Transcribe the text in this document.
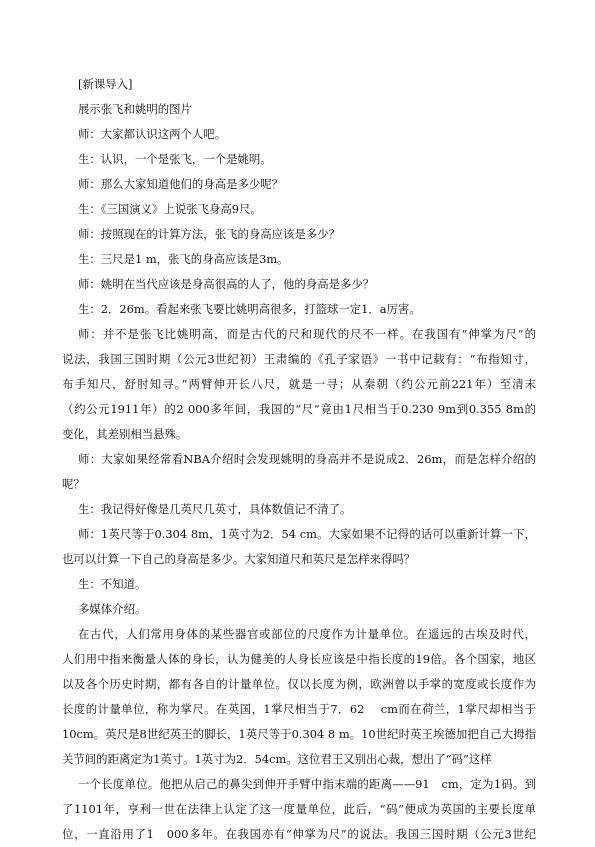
[新课导入]
展示张飞和姚明的图片
师：大家都认识这两个人吧。
生：认识，一个是张飞，一个是姚明。
师：那么大家知道他们的身高是多少呢？
生：《三国演义》上说张飞身高9尺。
师：按照现在的计算方法，张飞的身高应该是多少？
生：三尺是1 m，张飞的身高应该是3m。
师：姚明在当代应该是身高很高的人了，他的身高是多少？
生：2．26m。看起来张飞要比姚明高很多，打篮球一定1．a厉害。
师：并不是张飞比姚明高，而是古代的尺和现代的尺不一样。在我国有“伸掌为尺”的
说法，我国三国时期（公元3世纪初）王肃编的《孔子家语》一书中记载有：“布指知寸，
布手知尺，舒肘知寻。”两臂伸开长八尺，就是一寻；从秦朝（约公元前221年）至清末
（约公元1911年）的2 000多年间，我国的“尺”竟由1尺相当于0.230 9m到0.355 8m的
变化，其差别相当悬殊。
师：大家如果经常看NBA介绍时会发现姚明的身高并不是说成2．26m，而是怎样介绍的
呢？
生：我记得好像是几英尺几英寸，具体数值记不清了。
师：1英尺等于0.304 8m，1英寸为2．54 cm。大家如果不记得的话可以重新计算一下，
也可以计算一下自己的身高是多少。大家知道尺和英尺是怎样来得吗？
生：不知道。
多媒体介绍。
在古代，人们常用身体的某些器官或部位的尺度作为计量单位。在遥远的古埃及时代，
人们用中指来衡量人体的身长，认为健美的人身长应该是中指长度的19倍。各个国家，地区
以及各个历史时期，都有各自的计量单位。仅以长度为例，欧洲曾以手掌的宽度或长度作为
长度的计量单位，称为掌尺。在英国，1掌尺相当于7．62　 cm而在荷兰，1掌尺却相当于
10cm。英尺是8世纪英王的脚长，1英尺等于0.304 8 m。10世纪时英王埃德加把自己大拇指
关节间的距离定为1英寸。1英寸为2．54cm。这位君王又别出心裁，想出了“码”这样
一个长度单位。他把从启己的鼻尖到伸开手臂中指末端的距离——91　cm，定为1码。到
了1101年，亨利一世在法律上认定了这一度量单位，此后，“码”便成为英国的主要长度单
位，一直沿用了1　000多年。在我国亦有“伸掌为尺”的说法。我国三国时期（公元3世纪
